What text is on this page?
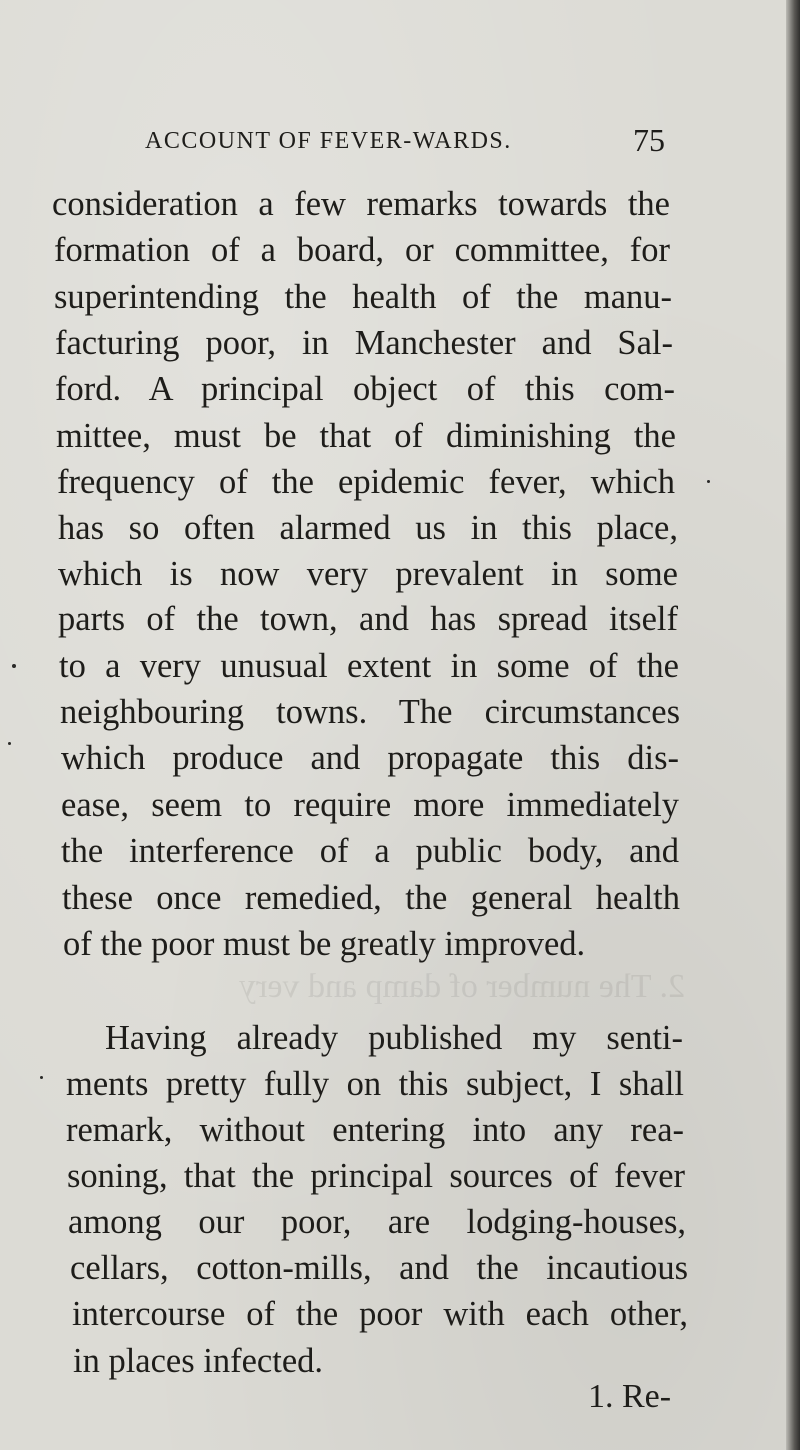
ACCOUNT OF FEVER-WARDS.	75
2. The number of damp and very
consideration a few remarks towards the
formation of a board, or committee, for
superintending the health of the manu-
facturing poor, in Manchester and Sal-
ford. A principal object of this com-
mittee, must be that of diminishing the
frequency of the epidemic fever, which
has so often alarmed us in this place,
which is now very prevalent in some
parts of the town, and has spread itself
to a very unusual extent in some of the
neighbouring towns. The circumstances
which produce and propagate this dis-
ease, seem to require more immediately
the interference of a public body, and
these once remedied, the general health
of the poor must be greatly improved.
Having already published my senti-
ments pretty fully on this subject, I shall
remark, without entering into any rea-
soning, that the principal sources of fever
among our poor, are lodging-houses,
cellars, cotton-mills, and the incautious
intercourse of the poor with each other,
in places infected.
1. Re-
